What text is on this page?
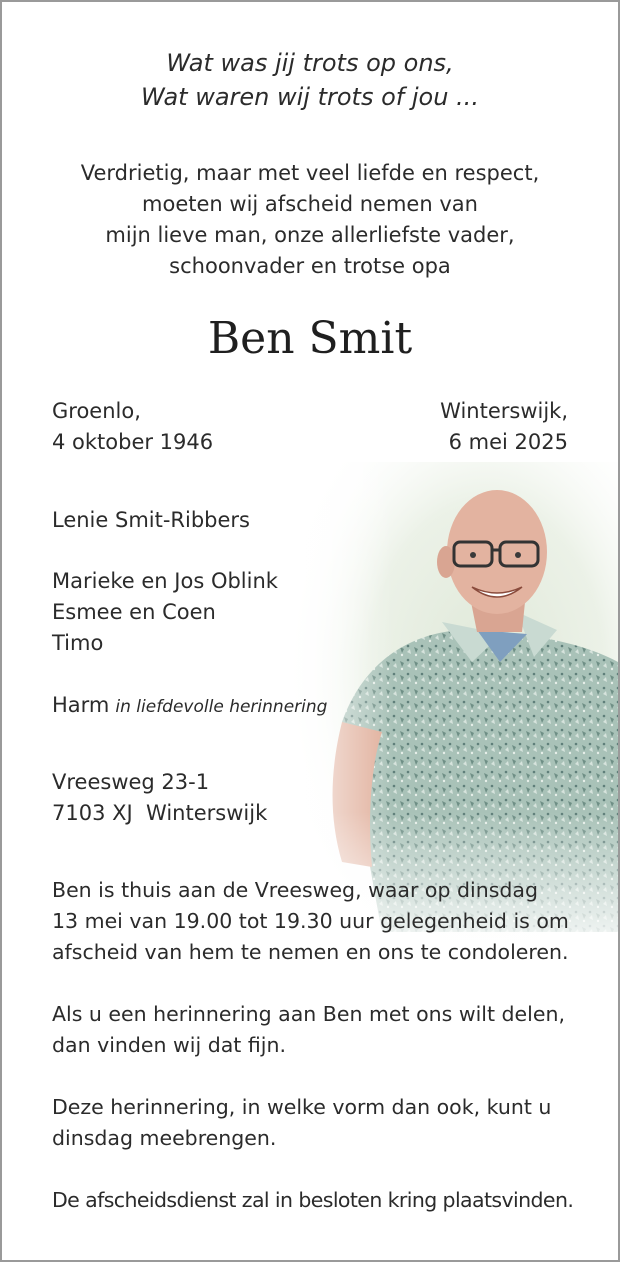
Wat was jij trots op ons,
Wat waren wij trots of jou ...
Verdrietig, maar met veel liefde en respect,
moeten wij afscheid nemen van
mijn lieve man, onze allerliefste vader,
schoonvader en trotse opa
Ben Smit
Groenlo,
4 oktober 1946
Winterswijk,
6 mei 2025
Lenie Smit-Ribbers
Marieke en Jos Oblink
Esmee en Coen
Timo
Harm in liefdevolle herinnering
Vreesweg 23-1
7103 XJ  Winterswijk
Ben is thuis aan de Vreesweg, waar op dinsdag
13 mei van 19.00 tot 19.30 uur gelegenheid is om
afscheid van hem te nemen en ons te condoleren.
Als u een herinnering aan Ben met ons wilt delen,
dan vinden wij dat fijn.
Deze herinnering, in welke vorm dan ook, kunt u
dinsdag meebrengen.
De afscheidsdienst zal in besloten kring plaatsvinden.
